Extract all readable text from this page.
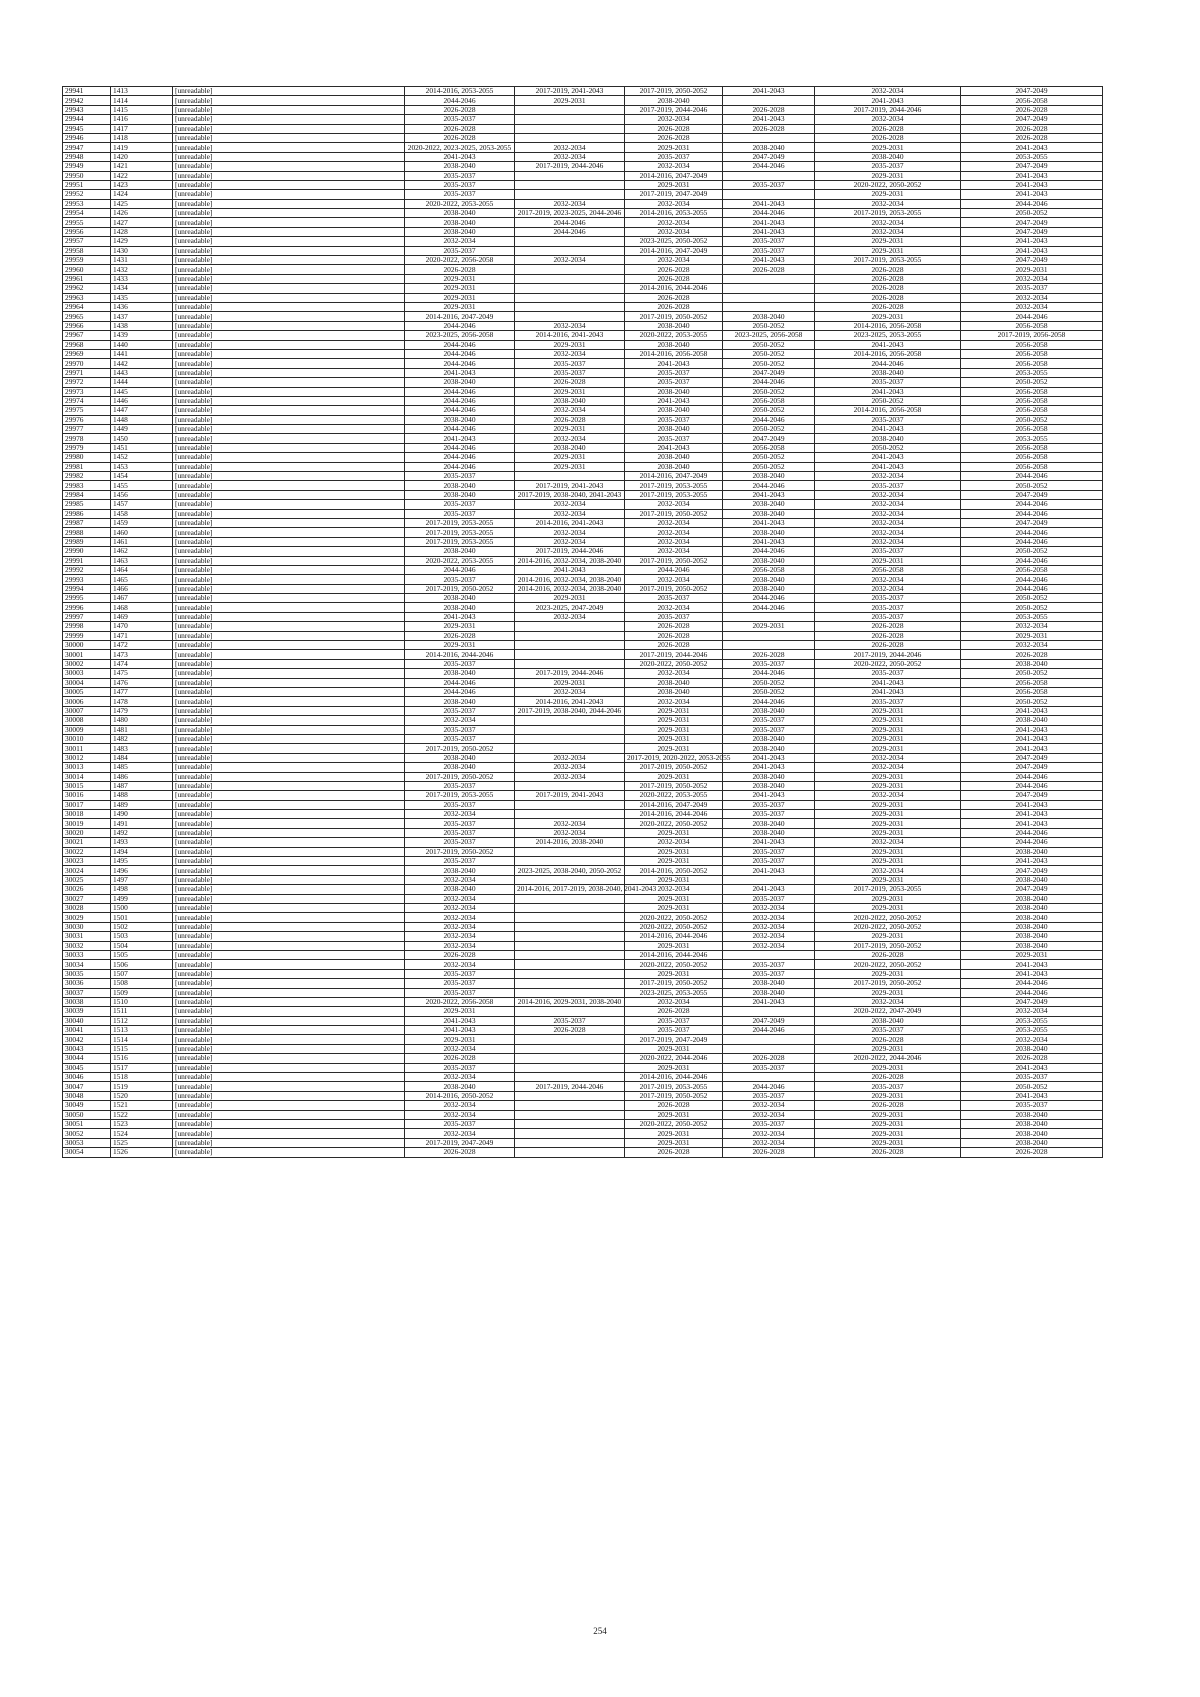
29941	1413	[unreadable]	2014-2016, 2053-2055	2017-2019, 2041-2043	2017-2019, 2050-2052	2041-2043	2032-2034	2047-2049
29942	1414	[unreadable]	2044-2046	2029-2031	2038-2040		2041-2043	2056-2058
29943	1415	[unreadable]	2026-2028		2017-2019, 2044-2046	2026-2028	2017-2019, 2044-2046	2026-2028
29944	1416	[unreadable]	2035-2037		2032-2034	2041-2043	2032-2034	2047-2049
29945	1417	[unreadable]	2026-2028		2026-2028	2026-2028	2026-2028	2026-2028
29946	1418	[unreadable]	2026-2028		2026-2028		2026-2028	2026-2028
29947	1419	[unreadable]	2020-2022, 2023-2025, 2053-2055	2032-2034	2029-2031	2038-2040	2029-2031	2041-2043
29948	1420	[unreadable]	2041-2043	2032-2034	2035-2037	2047-2049	2038-2040	2053-2055
29949	1421	[unreadable]	2038-2040	2017-2019, 2044-2046	2032-2034	2044-2046	2035-2037	2047-2049
29950	1422	[unreadable]	2035-2037		2014-2016, 2047-2049		2029-2031	2041-2043
29951	1423	[unreadable]	2035-2037		2029-2031	2035-2037	2020-2022, 2050-2052	2041-2043
29952	1424	[unreadable]	2035-2037		2017-2019, 2047-2049		2029-2031	2041-2043
29953	1425	[unreadable]	2020-2022, 2053-2055	2032-2034	2032-2034	2041-2043	2032-2034	2044-2046
29954	1426	[unreadable]	2038-2040	2017-2019, 2023-2025, 2044-2046	2014-2016, 2053-2055	2044-2046	2017-2019, 2053-2055	2050-2052
29955	1427	[unreadable]	2038-2040	2044-2046	2032-2034	2041-2043	2032-2034	2047-2049
29956	1428	[unreadable]	2038-2040	2044-2046	2032-2034	2041-2043	2032-2034	2047-2049
29957	1429	[unreadable]	2032-2034		2023-2025, 2050-2052	2035-2037	2029-2031	2041-2043
29958	1430	[unreadable]	2035-2037		2014-2016, 2047-2049	2035-2037	2029-2031	2041-2043
29959	1431	[unreadable]	2020-2022, 2056-2058	2032-2034	2032-2034	2041-2043	2017-2019, 2053-2055	2047-2049
29960	1432	[unreadable]	2026-2028		2026-2028	2026-2028	2026-2028	2029-2031
29961	1433	[unreadable]	2029-2031		2026-2028		2026-2028	2032-2034
29962	1434	[unreadable]	2029-2031		2014-2016, 2044-2046		2026-2028	2035-2037
29963	1435	[unreadable]	2029-2031		2026-2028		2026-2028	2032-2034
29964	1436	[unreadable]	2029-2031		2026-2028		2026-2028	2032-2034
29965	1437	[unreadable]	2014-2016, 2047-2049		2017-2019, 2050-2052	2038-2040	2029-2031	2044-2046
29966	1438	[unreadable]	2044-2046	2032-2034	2038-2040	2050-2052	2014-2016, 2056-2058	2056-2058
29967	1439	[unreadable]	2023-2025, 2056-2058	2014-2016, 2041-2043	2020-2022, 2053-2055	2023-2025, 2056-2058	2023-2025, 2053-2055	2017-2019, 2056-2058
29968	1440	[unreadable]	2044-2046	2029-2031	2038-2040	2050-2052	2041-2043	2056-2058
29969	1441	[unreadable]	2044-2046	2032-2034	2014-2016, 2056-2058	2050-2052	2014-2016, 2056-2058	2056-2058
29970	1442	[unreadable]	2044-2046	2035-2037	2041-2043	2050-2052	2044-2046	2056-2058
29971	1443	[unreadable]	2041-2043	2035-2037	2035-2037	2047-2049	2038-2040	2053-2055
29972	1444	[unreadable]	2038-2040	2026-2028	2035-2037	2044-2046	2035-2037	2050-2052
29973	1445	[unreadable]	2044-2046	2029-2031	2038-2040	2050-2052	2041-2043	2056-2058
29974	1446	[unreadable]	2044-2046	2038-2040	2041-2043	2056-2058	2050-2052	2056-2058
29975	1447	[unreadable]	2044-2046	2032-2034	2038-2040	2050-2052	2014-2016, 2056-2058	2056-2058
29976	1448	[unreadable]	2038-2040	2026-2028	2035-2037	2044-2046	2035-2037	2050-2052
29977	1449	[unreadable]	2044-2046	2029-2031	2038-2040	2050-2052	2041-2043	2056-2058
29978	1450	[unreadable]	2041-2043	2032-2034	2035-2037	2047-2049	2038-2040	2053-2055
29979	1451	[unreadable]	2044-2046	2038-2040	2041-2043	2056-2058	2050-2052	2056-2058
29980	1452	[unreadable]	2044-2046	2029-2031	2038-2040	2050-2052	2041-2043	2056-2058
29981	1453	[unreadable]	2044-2046	2029-2031	2038-2040	2050-2052	2041-2043	2056-2058
29982	1454	[unreadable]	2035-2037		2014-2016, 2047-2049	2038-2040	2032-2034	2044-2046
29983	1455	[unreadable]	2038-2040	2017-2019, 2041-2043	2017-2019, 2053-2055	2044-2046	2035-2037	2050-2052
29984	1456	[unreadable]	2038-2040	2017-2019, 2038-2040, 2041-2043	2017-2019, 2053-2055	2041-2043	2032-2034	2047-2049
29985	1457	[unreadable]	2035-2037	2032-2034	2032-2034	2038-2040	2032-2034	2044-2046
29986	1458	[unreadable]	2035-2037	2032-2034	2017-2019, 2050-2052	2038-2040	2032-2034	2044-2046
29987	1459	[unreadable]	2017-2019, 2053-2055	2014-2016, 2041-2043	2032-2034	2041-2043	2032-2034	2047-2049
29988	1460	[unreadable]	2017-2019, 2053-2055	2032-2034	2032-2034	2038-2040	2032-2034	2044-2046
29989	1461	[unreadable]	2017-2019, 2053-2055	2032-2034	2032-2034	2041-2043	2032-2034	2044-2046
29990	1462	[unreadable]	2038-2040	2017-2019, 2044-2046	2032-2034	2044-2046	2035-2037	2050-2052
29991	1463	[unreadable]	2020-2022, 2053-2055	2014-2016, 2032-2034, 2038-2040	2017-2019, 2050-2052	2038-2040	2029-2031	2044-2046
29992	1464	[unreadable]	2044-2046	2041-2043	2044-2046	2056-2058	2056-2058	2056-2058
29993	1465	[unreadable]	2035-2037	2014-2016, 2032-2034, 2038-2040	2032-2034	2038-2040	2032-2034	2044-2046
29994	1466	[unreadable]	2017-2019, 2050-2052	2014-2016, 2032-2034, 2038-2040	2017-2019, 2050-2052	2038-2040	2032-2034	2044-2046
29995	1467	[unreadable]	2038-2040	2029-2031	2035-2037	2044-2046	2035-2037	2050-2052
29996	1468	[unreadable]	2038-2040	2023-2025, 2047-2049	2032-2034	2044-2046	2035-2037	2050-2052
29997	1469	[unreadable]	2041-2043	2032-2034	2035-2037		2035-2037	2053-2055
29998	1470	[unreadable]	2029-2031		2026-2028	2029-2031	2026-2028	2032-2034
29999	1471	[unreadable]	2026-2028		2026-2028		2026-2028	2029-2031
30000	1472	[unreadable]	2029-2031		2026-2028		2026-2028	2032-2034
30001	1473	[unreadable]	2014-2016, 2044-2046		2017-2019, 2044-2046	2026-2028	2017-2019, 2044-2046	2026-2028
30002	1474	[unreadable]	2035-2037		2020-2022, 2050-2052	2035-2037	2020-2022, 2050-2052	2038-2040
30003	1475	[unreadable]	2038-2040	2017-2019, 2044-2046	2032-2034	2044-2046	2035-2037	2050-2052
30004	1476	[unreadable]	2044-2046	2029-2031	2038-2040	2050-2052	2041-2043	2056-2058
30005	1477	[unreadable]	2044-2046	2032-2034	2038-2040	2050-2052	2041-2043	2056-2058
30006	1478	[unreadable]	2038-2040	2014-2016, 2041-2043	2032-2034	2044-2046	2035-2037	2050-2052
30007	1479	[unreadable]	2035-2037	2017-2019, 2038-2040, 2044-2046	2029-2031	2038-2040	2029-2031	2041-2043
30008	1480	[unreadable]	2032-2034		2029-2031	2035-2037	2029-2031	2038-2040
30009	1481	[unreadable]	2035-2037		2029-2031	2035-2037	2029-2031	2041-2043
30010	1482	[unreadable]	2035-2037		2029-2031	2038-2040	2029-2031	2041-2043
30011	1483	[unreadable]	2017-2019, 2050-2052		2029-2031	2038-2040	2029-2031	2041-2043
30012	1484	[unreadable]	2038-2040	2032-2034	2017-2019, 2020-2022, 2053-2055	2041-2043	2032-2034	2047-2049
30013	1485	[unreadable]	2038-2040	2032-2034	2017-2019, 2050-2052	2041-2043	2032-2034	2047-2049
30014	1486	[unreadable]	2017-2019, 2050-2052	2032-2034	2029-2031	2038-2040	2029-2031	2044-2046
30015	1487	[unreadable]	2035-2037		2017-2019, 2050-2052	2038-2040	2029-2031	2044-2046
30016	1488	[unreadable]	2017-2019, 2053-2055	2017-2019, 2041-2043	2020-2022, 2053-2055	2041-2043	2032-2034	2047-2049
30017	1489	[unreadable]	2035-2037		2014-2016, 2047-2049	2035-2037	2029-2031	2041-2043
30018	1490	[unreadable]	2032-2034		2014-2016, 2044-2046	2035-2037	2029-2031	2041-2043
30019	1491	[unreadable]	2035-2037	2032-2034	2020-2022, 2050-2052	2038-2040	2029-2031	2041-2043
30020	1492	[unreadable]	2035-2037	2032-2034	2029-2031	2038-2040	2029-2031	2044-2046
30021	1493	[unreadable]	2035-2037	2014-2016, 2038-2040	2032-2034	2041-2043	2032-2034	2044-2046
30022	1494	[unreadable]	2017-2019, 2050-2052		2029-2031	2035-2037	2029-2031	2038-2040
30023	1495	[unreadable]	2035-2037		2029-2031	2035-2037	2029-2031	2041-2043
30024	1496	[unreadable]	2038-2040	2023-2025, 2038-2040, 2050-2052	2014-2016, 2050-2052	2041-2043	2032-2034	2047-2049
30025	1497	[unreadable]	2032-2034		2029-2031		2029-2031	2038-2040
30026	1498	[unreadable]	2038-2040	2014-2016, 2017-2019, 2038-2040, 2041-2043	2032-2034	2041-2043	2017-2019, 2053-2055	2047-2049
30027	1499	[unreadable]	2032-2034		2029-2031	2035-2037	2029-2031	2038-2040
30028	1500	[unreadable]	2032-2034		2029-2031	2032-2034	2029-2031	2038-2040
30029	1501	[unreadable]	2032-2034		2020-2022, 2050-2052	2032-2034	2020-2022, 2050-2052	2038-2040
30030	1502	[unreadable]	2032-2034		2020-2022, 2050-2052	2032-2034	2020-2022, 2050-2052	2038-2040
30031	1503	[unreadable]	2032-2034		2014-2016, 2044-2046	2032-2034	2029-2031	2038-2040
30032	1504	[unreadable]	2032-2034		2029-2031	2032-2034	2017-2019, 2050-2052	2038-2040
30033	1505	[unreadable]	2026-2028		2014-2016, 2044-2046		2026-2028	2029-2031
30034	1506	[unreadable]	2032-2034		2020-2022, 2050-2052	2035-2037	2020-2022, 2050-2052	2041-2043
30035	1507	[unreadable]	2035-2037		2029-2031	2035-2037	2029-2031	2041-2043
30036	1508	[unreadable]	2035-2037		2017-2019, 2050-2052	2038-2040	2017-2019, 2050-2052	2044-2046
30037	1509	[unreadable]	2035-2037		2023-2025, 2053-2055	2038-2040	2029-2031	2044-2046
30038	1510	[unreadable]	2020-2022, 2056-2058	2014-2016, 2029-2031, 2038-2040	2032-2034	2041-2043	2032-2034	2047-2049
30039	1511	[unreadable]	2029-2031		2026-2028		2020-2022, 2047-2049	2032-2034
30040	1512	[unreadable]	2041-2043	2035-2037	2035-2037	2047-2049	2038-2040	2053-2055
30041	1513	[unreadable]	2041-2043	2026-2028	2035-2037	2044-2046	2035-2037	2053-2055
30042	1514	[unreadable]	2029-2031		2017-2019, 2047-2049		2026-2028	2032-2034
30043	1515	[unreadable]	2032-2034		2029-2031		2029-2031	2038-2040
30044	1516	[unreadable]	2026-2028		2020-2022, 2044-2046	2026-2028	2020-2022, 2044-2046	2026-2028
30045	1517	[unreadable]	2035-2037		2029-2031	2035-2037	2029-2031	2041-2043
30046	1518	[unreadable]	2032-2034		2014-2016, 2044-2046		2026-2028	2035-2037
30047	1519	[unreadable]	2038-2040	2017-2019, 2044-2046	2017-2019, 2053-2055	2044-2046	2035-2037	2050-2052
30048	1520	[unreadable]	2014-2016, 2050-2052		2017-2019, 2050-2052	2035-2037	2029-2031	2041-2043
30049	1521	[unreadable]	2032-2034		2026-2028	2032-2034	2026-2028	2035-2037
30050	1522	[unreadable]	2032-2034		2029-2031	2032-2034	2029-2031	2038-2040
30051	1523	[unreadable]	2035-2037		2020-2022, 2050-2052	2035-2037	2029-2031	2038-2040
30052	1524	[unreadable]	2032-2034		2029-2031	2032-2034	2029-2031	2038-2040
30053	1525	[unreadable]	2017-2019, 2047-2049		2029-2031	2032-2034	2029-2031	2038-2040
30054	1526	[unreadable]	2026-2028		2026-2028	2026-2028	2026-2028	2026-2028
254
